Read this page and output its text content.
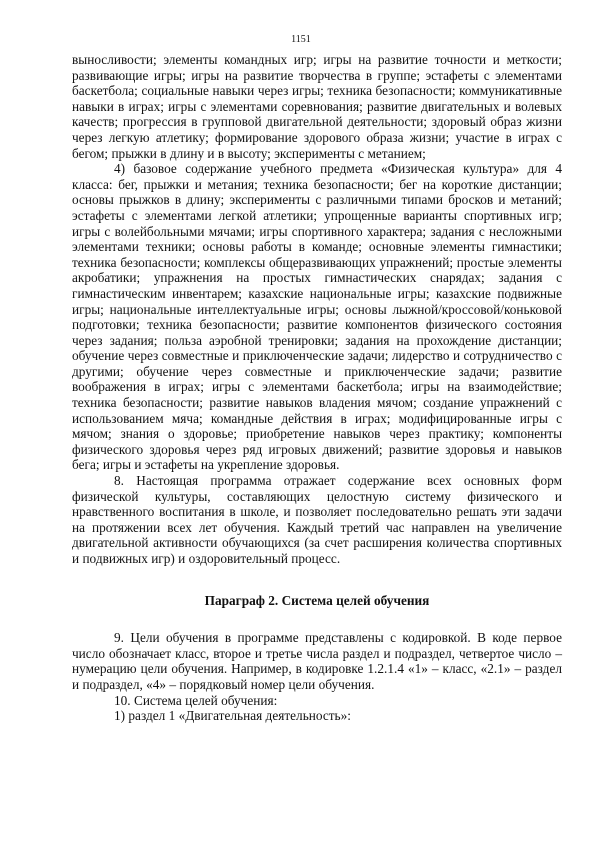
1151

выносливости; элементы командных игр; игры на развитие точности и меткости; развивающие игры; игры на развитие творчества в группе; эстафеты с элементами баскетбола; социальные навыки через игры; техника безопасности; коммуникативные навыки в играх; игры с элементами соревнования; развитие двигательных и волевых качеств; прогрессия в групповой двигательной деятельности; здоровый образ жизни через легкую атлетику; формирование здорового образа жизни; участие в играх с бегом; прыжки в длину и в высоту; эксперименты с метанием;

4) базовое содержание учебного предмета «Физическая культура» для 4 класса: бег, прыжки и метания; техника безопасности; бег на короткие дистанции; основы прыжков в длину; эксперименты с различными типами бросков и метаний; эстафеты с элементами легкой атлетики; упрощенные варианты спортивных игр; игры с волейбольными мячами; игры спортивного характера; задания с несложными элементами техники; основы работы в команде; основные элементы гимнастики; техника безопасности; комплексы общеразвивающих упражнений; простые элементы акробатики; упражнения на простых гимнастических снарядах; задания с гимнастическим инвентарем; казахские национальные игры; казахские подвижные игры; национальные интеллектуальные игры; основы лыжной/кроссовой/коньковой подготовки; техника безопасности; развитие компонентов физического состояния через задания; польза аэробной тренировки; задания на прохождение дистанции; обучение через совместные и приключенческие задачи; лидерство и сотрудничество с другими; обучение через совместные и приключенческие задачи; развитие воображения в играх; игры с элементами баскетбола; игры на взаимодействие; техника безопасности; развитие навыков владения мячом; создание упражнений с использованием мяча; командные действия в играх; модифицированные игры с мячом; знания о здоровье; приобретение навыков через практику; компоненты физического здоровья через ряд игровых движений; развитие здоровья и навыков бега; игры и эстафеты на укрепление здоровья.

8. Настоящая программа отражает содержание всех основных форм физической культуры, составляющих целостную систему физического и нравственного воспитания в школе, и позволяет последовательно решать эти задачи на протяжении всех лет обучения. Каждый третий час направлен на увеличение двигательной активности обучающихся (за счет расширения количества спортивных и подвижных игр) и оздоровительный процесс.

Параграф 2. Система целей обучения

9. Цели обучения в программе представлены с кодировкой. В коде первое число обозначает класс, второе и третье числа раздел и подраздел, четвертое число – нумерацию цели обучения. Например, в кодировке 1.2.1.4 «1» – класс, «2.1» – раздел и подраздел, «4» – порядковый номер цели обучения.

10. Система целей обучения:

1) раздел 1 «Двигательная деятельность»:
